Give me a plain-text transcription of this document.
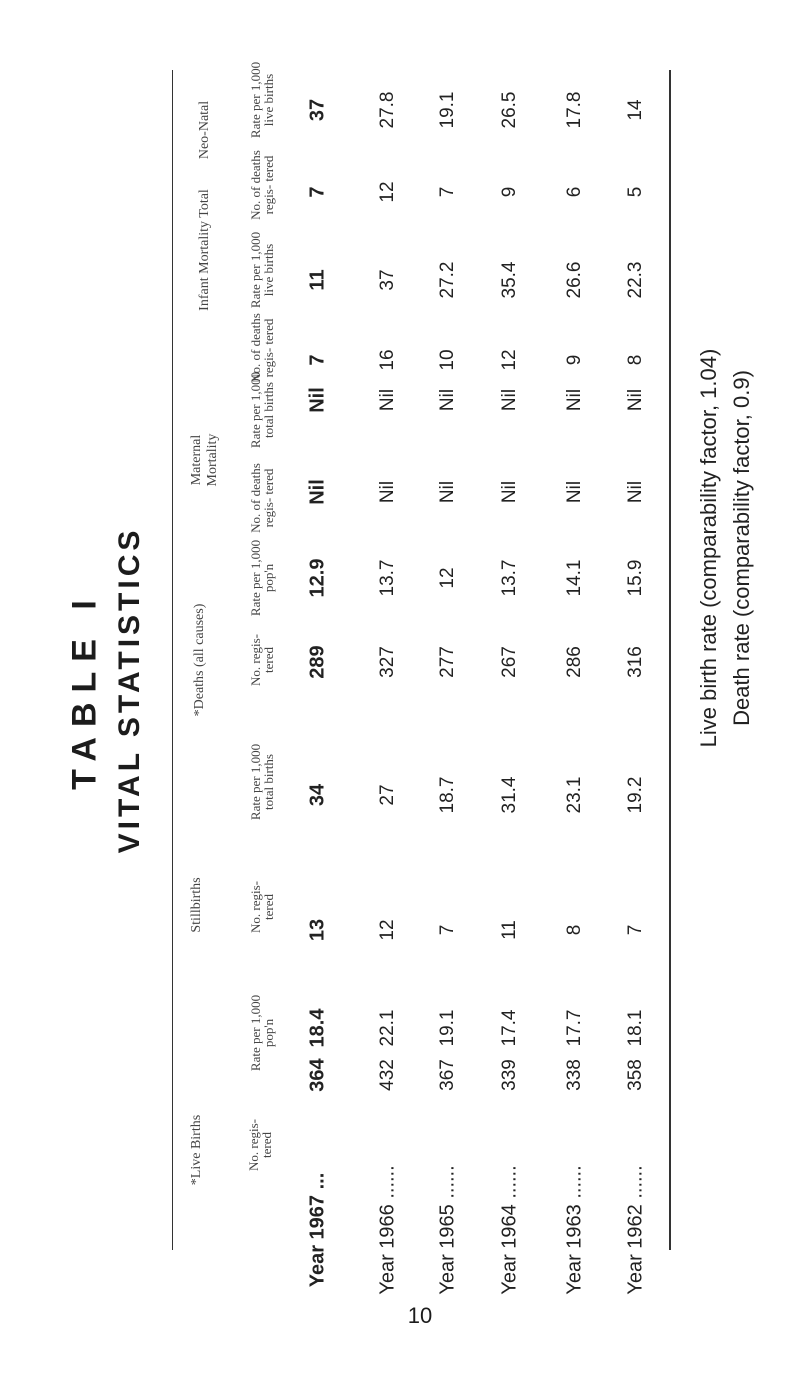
TABLE I VITAL STATISTICS
*Live Births
Stillbirths
*Deaths (all causes)
Maternal Mortality
Infant Mortality Total
Neo-Natal
No. regis- tered
Rate per 1,000 pop'n
No. regis- tered
Rate per 1,000 total births
No. regis- tered
Rate per 1,000 pop'n
No. of deaths regis- tered
Rate per 1,000 total births
No. of deaths regis- tered
Rate per 1,000 live births
No. of deaths regis- tered
Rate per 1,000 live births
Year 1967 ...
364
18.4
13
34
289
12.9
Nil
Nil
7
11
7
37
Year 1966 ......
432
22.1
12
27
327
13.7
Nil
Nil
16
37
12
27.8
Year 1965 ......
367
19.1
7
18.7
277
12
Nil
Nil
10
27.2
7
19.1
Year 1964 ......
339
17.4
11
31.4
267
13.7
Nil
Nil
12
35.4
9
26.5
Year 1963 ......
338
17.7
8
23.1
286
14.1
Nil
Nil
9
26.6
6
17.8
Year 1962 ......
358
18.1
7
19.2
316
15.9
Nil
Nil
8
22.3
5
14
Live birth rate (comparability factor, 1.04) Death rate (comparability factor, 0.9)
10
